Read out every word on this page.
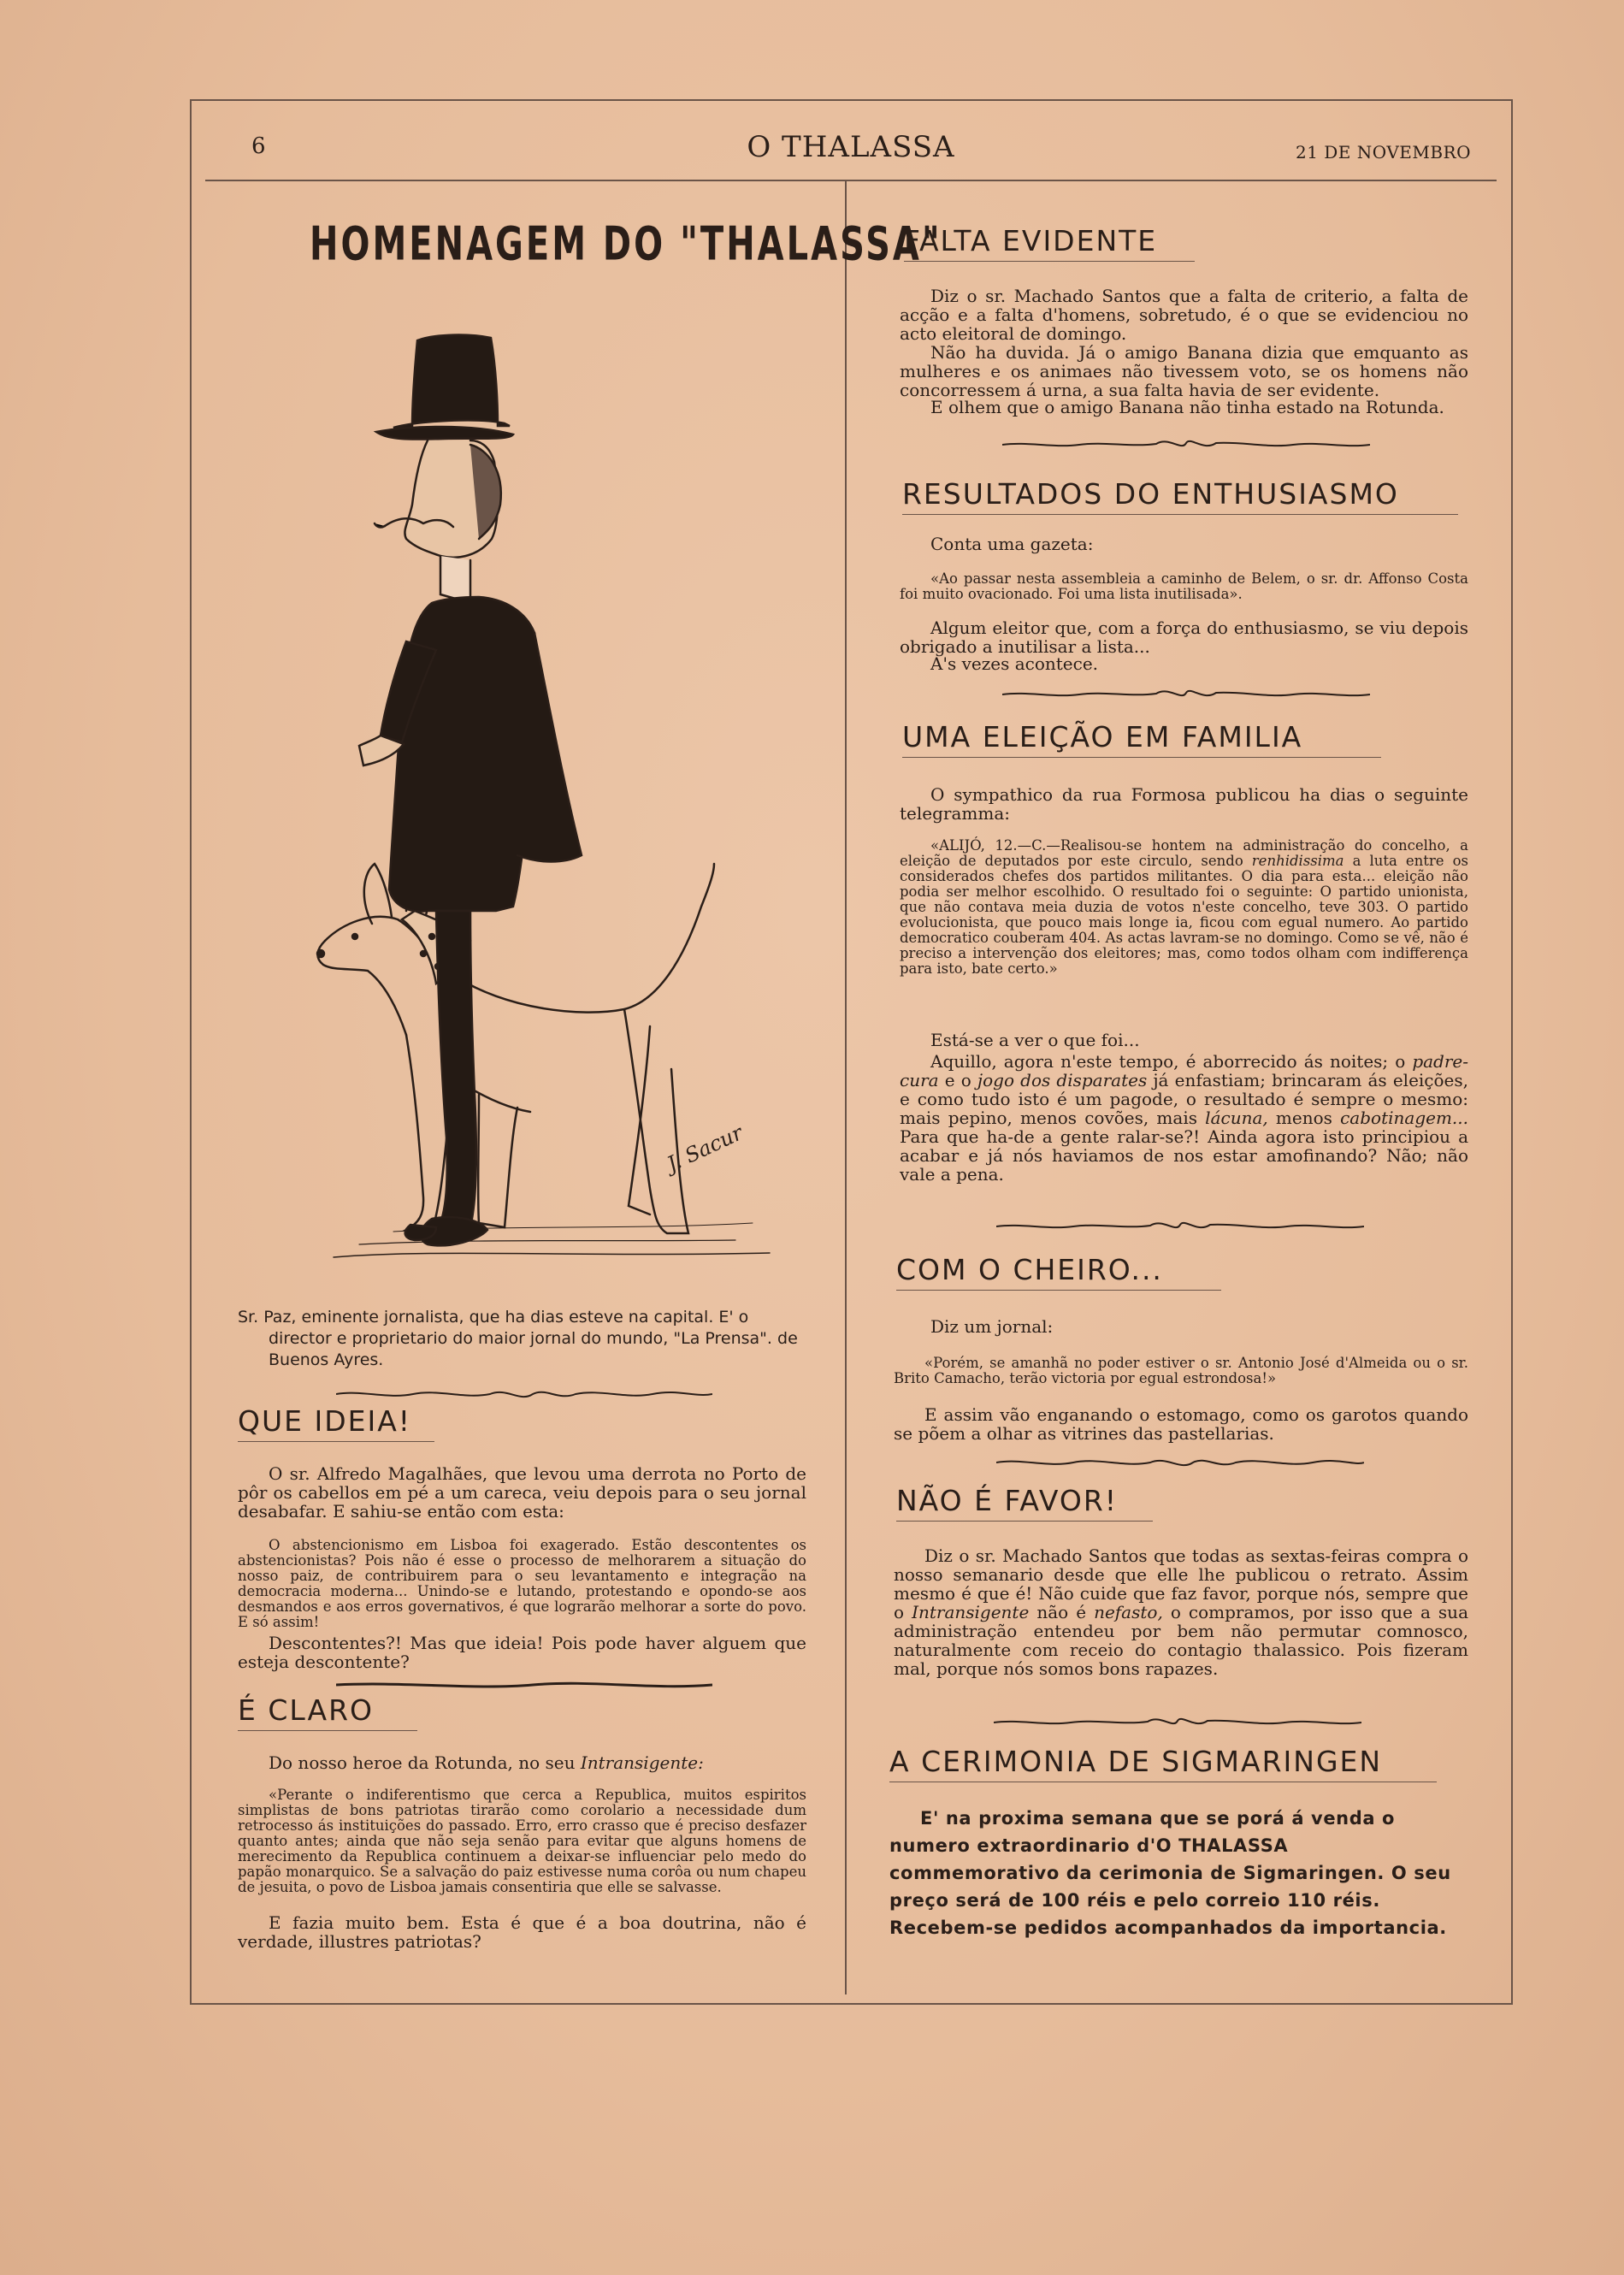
6	O THALASSA	21 DE NOVEMBRO
HOMENAGEM DO "THALASSA"
J. Sacur
Sr. Paz, eminente jornalista, que ha dias esteve na capital. E' o director e proprietario do maior jornal do mundo, "La Prensa". de Buenos Ayres.
QUE IDEIA!
O sr. Alfredo Magalhães, que levou uma derrota no Porto de pôr os cabellos em pé a um careca, veiu depois para o seu jornal desabafar. E sahiu-se então com esta:
O abstencionismo em Lisboa foi exagerado. Estão descontentes os abstencionistas? Pois não é esse o processo de melhorarem a situação do nosso paiz, de contribuirem para o seu levantamento e integração na democracia moderna... Unindo-se e lutando, protestando e opondo-se aos desmandos e aos erros governativos, é que lograrão melhorar a sorte do povo. E só assim!
Descontentes?! Mas que ideia! Pois pode haver alguem que esteja descontente?
É CLARO
Do nosso heroe da Rotunda, no seu Intransigente:
«Perante o indiferentismo que cerca a Republica, muitos espiritos simplistas de bons patriotas tirarão como corolario a necessidade dum retrocesso ás instituições do passado. Erro, erro crasso que é preciso desfazer quanto antes; ainda que não seja senão para evitar que alguns homens de merecimento da Republica continuem a deixar-se influenciar pelo medo do papão monarquico. Se a salvação do paiz estivesse numa corôa ou num chapeu de jesuita, o povo de Lisboa jamais consentiria que elle se salvasse.
E fazia muito bem. Esta é que é a boa doutrina, não é verdade, illustres patriotas?
FALTA EVIDENTE
Diz o sr. Machado Santos que a falta de criterio, a falta de acção e a falta d'homens, sobretudo, é o que se evidenciou no acto eleitoral de domingo.
Não ha duvida. Já o amigo Banana dizia que emquanto as mulheres e os animaes não tivessem voto, se os homens não concorressem á urna, a sua falta havia de ser evidente.
E olhem que o amigo Banana não tinha estado na Rotunda.
RESULTADOS DO ENTHUSIASMO
Conta uma gazeta:
«Ao passar nesta assembleia a caminho de Belem, o sr. dr. Affonso Costa foi muito ovacionado. Foi uma lista inutilisada».
Algum eleitor que, com a força do enthusiasmo, se viu depois obrigado a inutilisar a lista...
A's vezes acontece.
UMA ELEIÇÃO EM FAMILIA
O sympathico da rua Formosa publicou ha dias o seguinte telegramma:
«ALIJÓ, 12.—C.—Realisou-se hontem na administração do concelho, a eleição de deputados por este circulo, sendo renhidissima a luta entre os considerados chefes dos partidos militantes. O dia para esta... eleição não podia ser melhor escolhido. O resultado foi o seguinte: O partido unionista, que não contava meia duzia de votos n'este concelho, teve 303. O partido evolucionista, que pouco mais longe ia, ficou com egual numero. Ao partido democratico couberam 404. As actas lavram-se no domingo. Como se vê, não é preciso a intervenção dos eleitores; mas, como todos olham com indifferença para isto, bate certo.»
Está-se a ver o que foi...
Aquillo, agora n'este tempo, é aborrecido ás noites; o padre-cura e o jogo dos disparates já enfastiam; brincaram ás eleições, e como tudo isto é um pagode, o resultado é sempre o mesmo: mais pepino, menos covões, mais lácuna, menos cabotinagem... Para que ha-de a gente ralar-se?! Ainda agora isto principiou a acabar e já nós haviamos de nos estar amofinando? Não; não vale a pena.
COM O CHEIRO...
Diz um jornal:
«Porém, se amanhã no poder estiver o sr. Antonio José d'Almeida ou o sr. Brito Camacho, terão victoria por egual estrondosa!»
E assim vão enganando o estomago, como os garotos quando se põem a olhar as vitrines das pastellarias.
NÃO É FAVOR!
Diz o sr. Machado Santos que todas as sextas-feiras compra o nosso semanario desde que elle lhe publicou o retrato. Assim mesmo é que é! Não cuide que faz favor, porque nós, sempre que o Intransigente não é nefasto, o compramos, por isso que a sua administração entendeu por bem não permutar comnosco, naturalmente com receio do contagio thalassico. Pois fizeram mal, porque nós somos bons rapazes.
A CERIMONIA DE SIGMARINGEN
E' na proxima semana que se porá á venda o numero extraordinario d'O THALASSA commemorativo da cerimonia de Sigmaringen. O seu preço será de 100 réis e pelo correio 110 réis. Recebem-se pedidos acompanhados da importancia.
